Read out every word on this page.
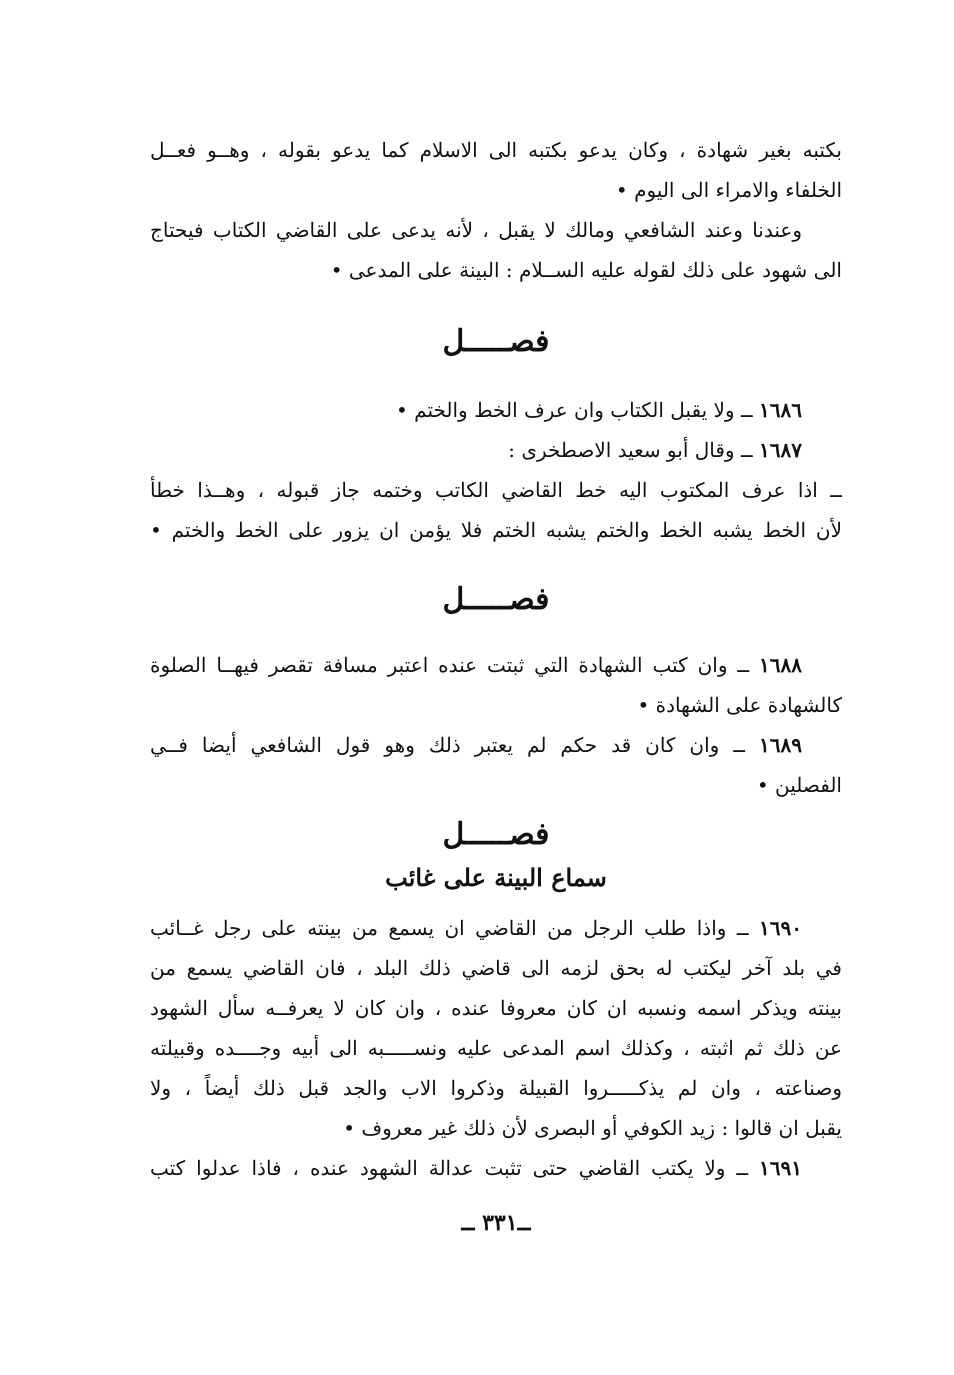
بكتبه بغير شهادة ، وكان يدعو بكتبه الى الاسلام كما يدعو بقوله ، وهــو فعــل
الخلفاء والامراء الى اليوم •
وعندنا وعند الشافعي ومالك لا يقبل ، لأنه يدعى على القاضي الكتاب فيحتاج
الى شهود على ذلك لقوله عليه الســلام : البينة على المدعى •
فصـــــل
١٦٨٦ ــ ولا يقبل الكتاب وان عرف الخط والختم •
١٦٨٧ ــ وقال أبو سعيد الاصطخرى :
ــ اذا عرف المكتوب اليه خط القاضي الكاتب وختمه جاز قبوله ، وهــذا خطأ
لأن الخط يشبه الخط والختم يشبه الختم فلا يؤمن ان يزور على الخط والختم •
فصـــــل
١٦٨٨ ــ وان كتب الشهادة التي ثبتت عنده اعتبر مسافة تقصر فيهــا الصلوة
كالشهادة على الشهادة •
١٦٨٩ ــ وان كان قد حكم لم يعتبر ذلك وهو قول الشافعي أيضا فــي
الفصلين •
فصـــــل
سماع البينة على غائب
١٦٩٠ ــ واذا طلب الرجل من القاضي ان يسمع من بينته على رجل غــائب
في بلد آخر ليكتب له بحق لزمه الى قاضي ذلك البلد ، فان القاضي يسمع من
بينته ويذكر اسمه ونسبه ان كان معروفا عنده ، وان كان لا يعرفــه سأل الشهود
عن ذلك ثم اثبته ، وكذلك اسم المدعى عليه ونســـــبه الى أبيه وجــــده وقبيلته
وصناعته ، وان لم يذكـــــروا القبيلة وذكروا الاب والجد قبل ذلك أيضاً ، ولا
يقبل ان قالوا : زيد الكوفي أو البصرى لأن ذلك غير معروف •
١٦٩١ ــ ولا يكتب القاضي حتى تثبت عدالة الشهود عنده ، فاذا عدلوا كتب
ــ٣٣١ ــ
